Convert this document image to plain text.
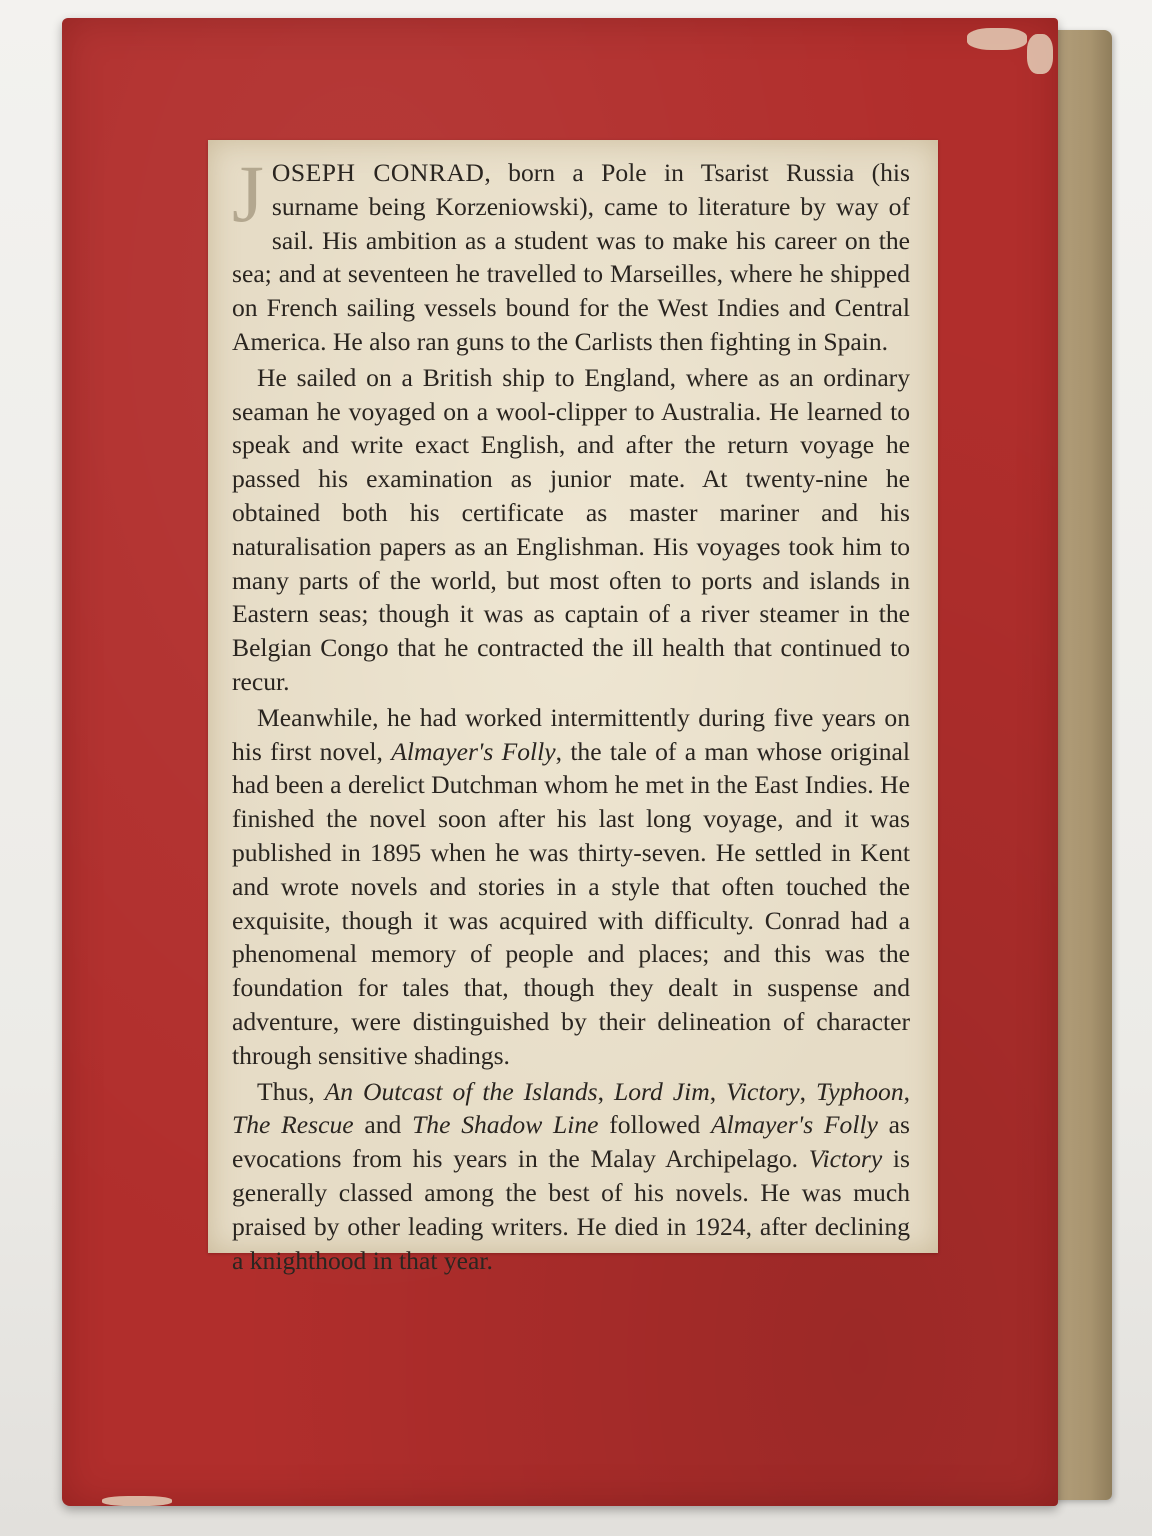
JOSEPH CONRAD, born a Pole in Tsarist Russia (his surname being Korzeniowski), came to literature by way of sail. His ambition as a student was to make his career on the sea; and at seventeen he travelled to Marseilles, where he shipped on French sailing vessels bound for the West Indies and Central America. He also ran guns to the Carlists then fighting in Spain.

He sailed on a British ship to England, where as an ordinary seaman he voyaged on a wool-clipper to Australia. He learned to speak and write exact English, and after the return voyage he passed his examination as junior mate. At twenty-nine he obtained both his certificate as master mariner and his naturalisation papers as an Englishman. His voyages took him to many parts of the world, but most often to ports and islands in Eastern seas; though it was as captain of a river steamer in the Belgian Congo that he contracted the ill health that continued to recur.

Meanwhile, he had worked intermittently during five years on his first novel, Almayer's Folly, the tale of a man whose original had been a derelict Dutchman whom he met in the East Indies. He finished the novel soon after his last long voyage, and it was published in 1895 when he was thirty-seven. He settled in Kent and wrote novels and stories in a style that often touched the exquisite, though it was acquired with difficulty. Conrad had a phenomenal memory of people and places; and this was the foundation for tales that, though they dealt in suspense and adventure, were distinguished by their delineation of character through sensitive shadings.

Thus, An Outcast of the Islands, Lord Jim, Victory, Typhoon, The Rescue and The Shadow Line followed Almayer's Folly as evocations from his years in the Malay Archipelago. Victory is generally classed among the best of his novels. He was much praised by other leading writers. He died in 1924, after declining a knighthood in that year.
